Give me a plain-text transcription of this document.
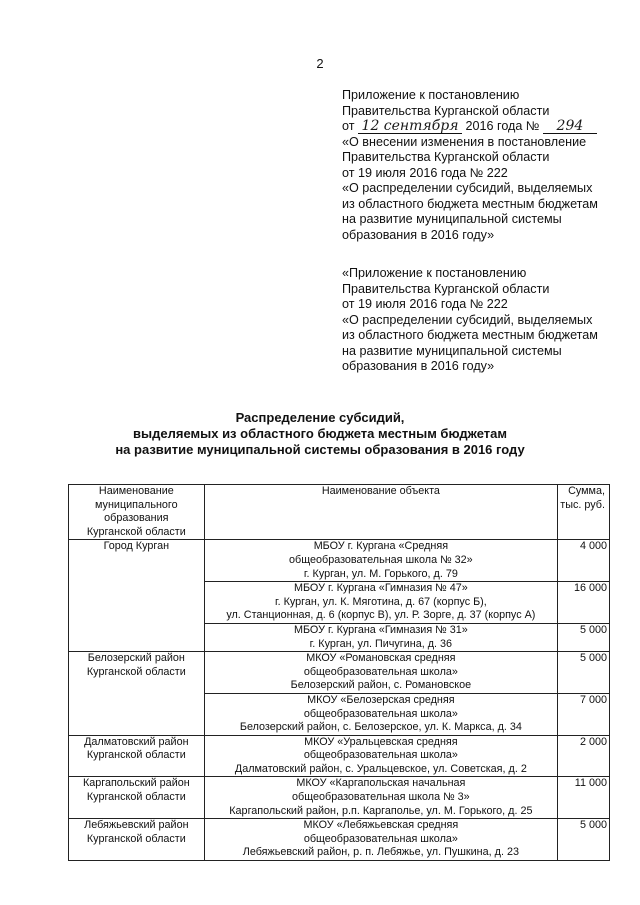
2
Приложение к постановлению
Правительства Курганской области
от 12 сентября 2016 года № 294
«О внесении изменения в постановление
Правительства Курганской области
от 19 июля 2016 года № 222
«О распределении субсидий, выделяемых
из областного бюджета местным бюджетам
на развитие муниципальной системы
образования в 2016 году»
«Приложение к постановлению
Правительства Курганской области
от 19 июля 2016 года № 222
«О распределении субсидий, выделяемых
из областного бюджета местным бюджетам
на развитие муниципальной системы
образования в 2016 году»
Распределение субсидий,
выделяемых из областного бюджета местным бюджетам
на развитие муниципальной системы образования в 2016 году
Наименование
муниципального
образования
Курганской области	Наименование объекта	Сумма,
тыс. руб.

Город Курган	МБОУ г. Кургана «Средняя
общеобразовательная школа № 32»
г. Курган, ул. М. Горького, д. 79	4 000

	МБОУ г. Кургана «Гимназия № 47»
г. Курган, ул. К. Мяготина, д. 67 (корпус Б),
ул. Станционная, д. 6 (корпус В), ул. Р. Зорге, д. 37 (корпус А)	16 000

	МБОУ г. Кургана «Гимназия № 31»
г. Курган, ул. Пичугина, д. 36	5 000

Белозерский район
Курганской области	МКОУ «Романовская средняя
общеобразовательная школа»
Белозерский район, с. Романовское	5 000

	МКОУ «Белозерская средняя
общеобразовательная школа»
Белозерский район, с. Белозерское, ул. К. Маркса, д. 34	7 000

Далматовский район
Курганской области	МКОУ «Уральцевская средняя
общеобразовательная школа»
Далматовский район, с. Уральцевское, ул. Советская, д. 2	2 000

Каргапольский район
Курганской области	МКОУ «Каргапольская начальная
общеобразовательная школа № 3»
Каргапольский район, р.п. Каргаполье, ул. М. Горького, д. 25	11 000

Лебяжьевский район
Курганской области	МКОУ «Лебяжьевская средняя
общеобразовательная школа»
Лебяжьевский район, р. п. Лебяжье, ул. Пушкина, д. 23	5 000
